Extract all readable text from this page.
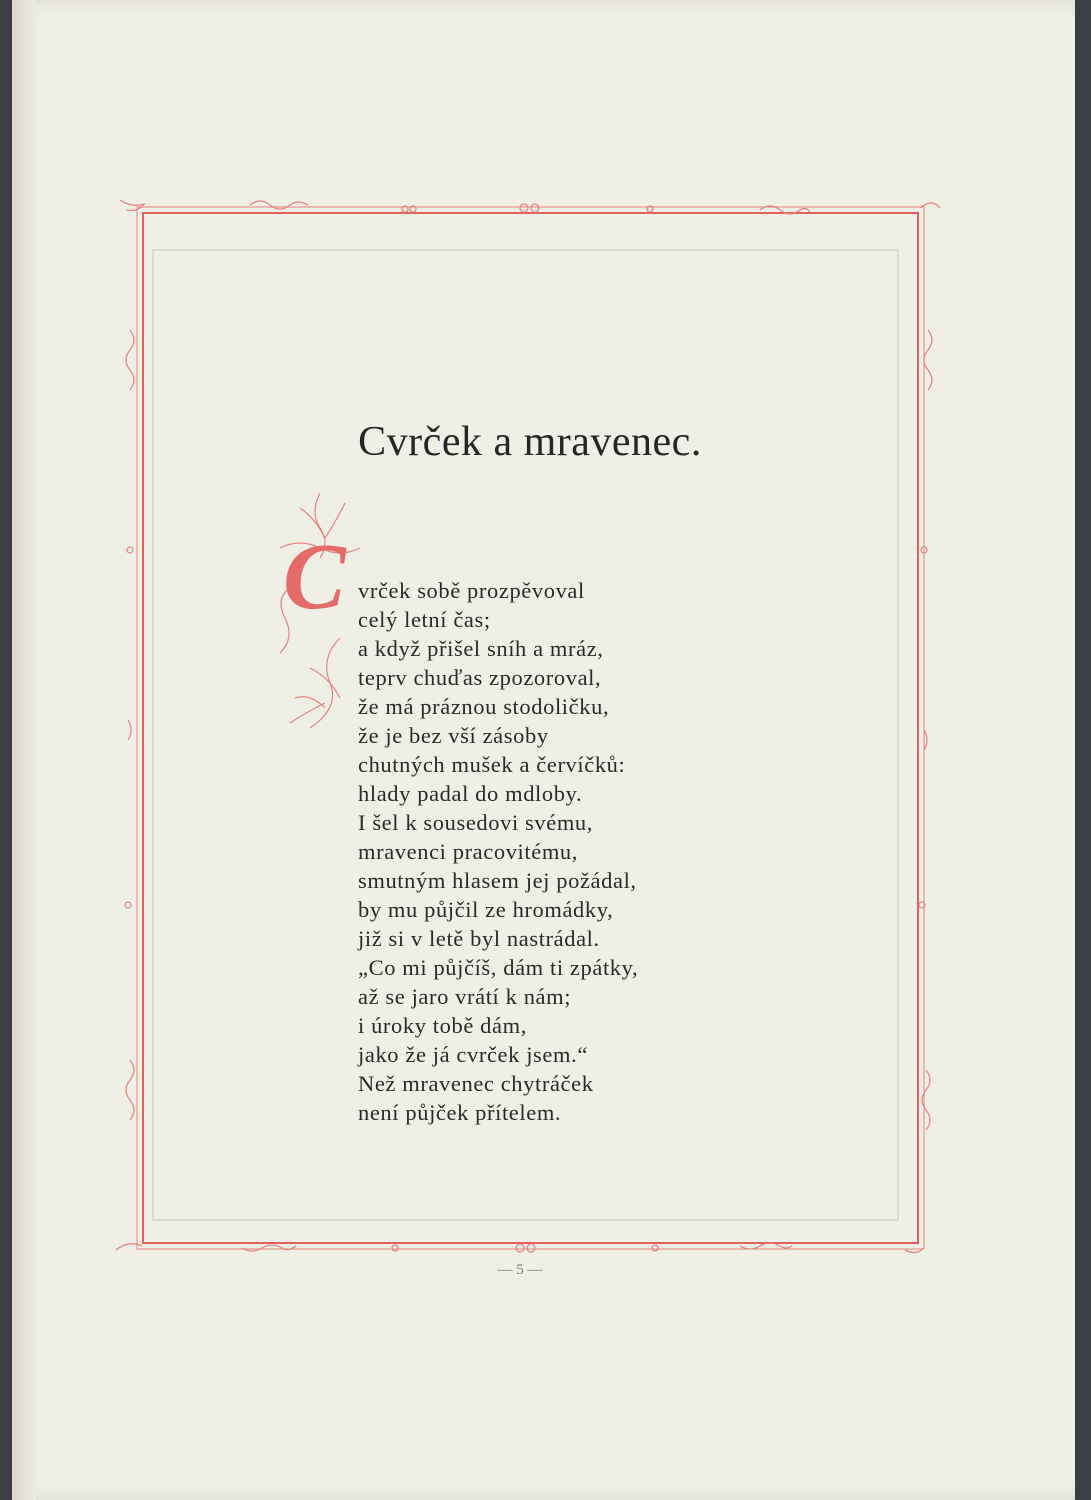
C
Cvrček a mravenec.
vrček sobě prozpěvoval
celý letní čas;
a když přišel sníh a mráz,
teprv chuďas zpozoroval,
že má práznou stodoličku,
že je bez vší zásoby
chutných mušek a červíčků:
hlady padal do mdloby.
I šel k sousedovi svému,
mravenci pracovitému,
smutným hlasem jej požádal,
by mu půjčil ze hromádky,
již si v letě byl nastrádal.
„Co mi půjčíš, dám ti zpátky,
až se jaro vrátí k nám;
i úroky tobě dám,
jako že já cvrček jsem.“
Než mravenec chytráček
není půjček přítelem.
— 5 —
